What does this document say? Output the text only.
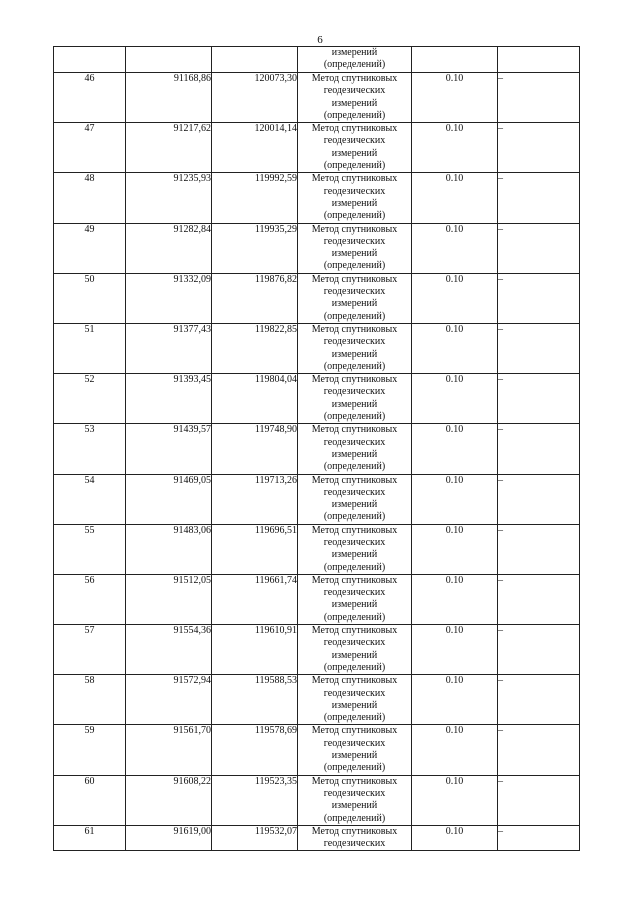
6

			измерений
(определений)		

46	91168,86	120073,30	Метод спутниковых
геодезических
измерений
(определений)	0.10	–
47	91217,62	120014,14	Метод спутниковых
геодезических
измерений
(определений)	0.10	–
48	91235,93	119992,59	Метод спутниковых
геодезических
измерений
(определений)	0.10	–
49	91282,84	119935,29	Метод спутниковых
геодезических
измерений
(определений)	0.10	–
50	91332,09	119876,82	Метод спутниковых
геодезических
измерений
(определений)	0.10	–
51	91377,43	119822,85	Метод спутниковых
геодезических
измерений
(определений)	0.10	–
52	91393,45	119804,04	Метод спутниковых
геодезических
измерений
(определений)	0.10	–
53	91439,57	119748,90	Метод спутниковых
геодезических
измерений
(определений)	0.10	–
54	91469,05	119713,26	Метод спутниковых
геодезических
измерений
(определений)	0.10	–
55	91483,06	119696,51	Метод спутниковых
геодезических
измерений
(определений)	0.10	–
56	91512,05	119661,74	Метод спутниковых
геодезических
измерений
(определений)	0.10	–
57	91554,36	119610,91	Метод спутниковых
геодезических
измерений
(определений)	0.10	–
58	91572,94	119588,53	Метод спутниковых
геодезических
измерений
(определений)	0.10	–
59	91561,70	119578,69	Метод спутниковых
геодезических
измерений
(определений)	0.10	–
60	91608,22	119523,35	Метод спутниковых
геодезических
измерений
(определений)	0.10	–
61	91619,00	119532,07	Метод спутниковых
геодезических	0.10	–
